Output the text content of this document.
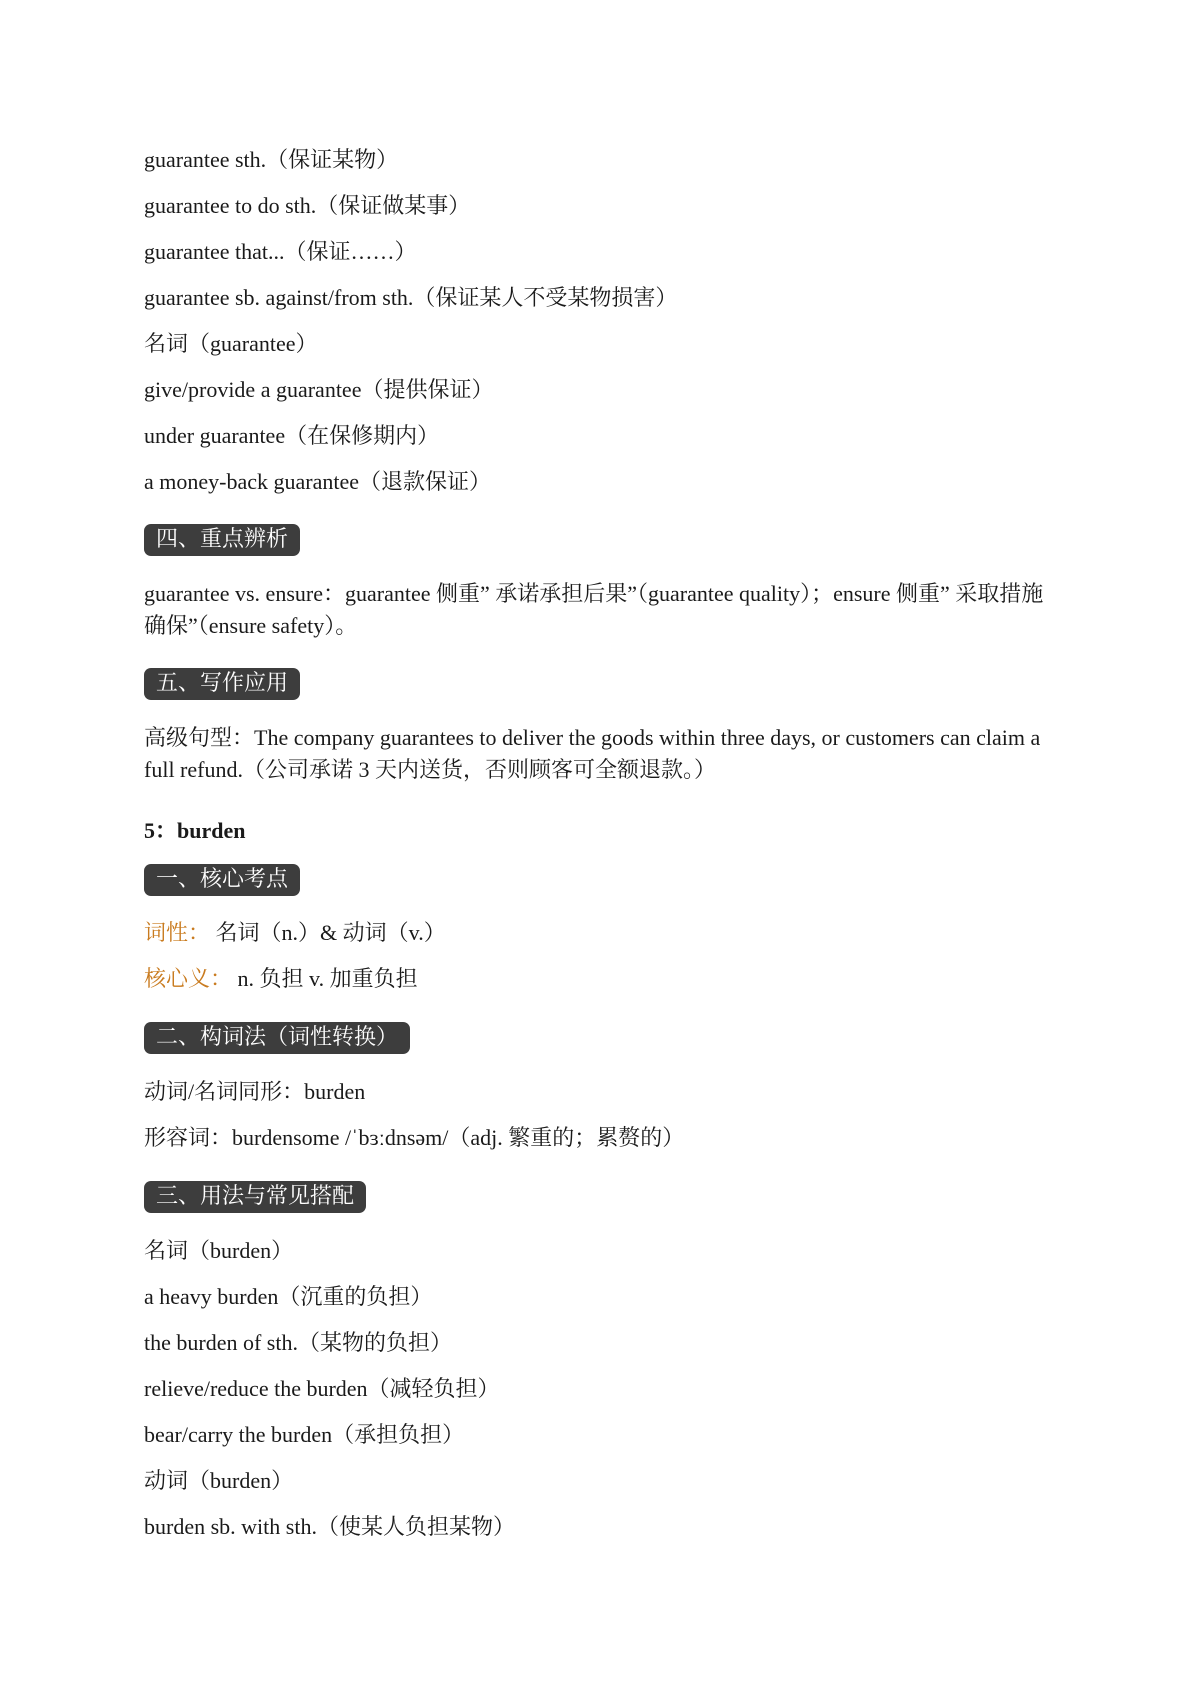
guarantee sth.（保证某物）
guarantee to do sth.（保证做某事）
guarantee that...（保证……）
guarantee sb. against/from sth.（保证某人不受某物损害）
名词（guarantee）
give/provide a guarantee（提供保证）
under guarantee（在保修期内）
a money-back guarantee（退款保证）
四、重点辨析
guarantee vs. ensure：guarantee 侧重” 承诺承担后果”（guarantee quality）；ensure 侧重” 采取措施确保”（ensure safety）。
五、写作应用
高级句型：The company guarantees to deliver the goods within three days, or customers can claim a full refund.（公司承诺 3 天内送货，否则顾客可全额退款。）
5：burden
一、核心考点
词性： 名词（n.）& 动词（v.）
核心义： n. 负担 v. 加重负担
二、构词法（词性转换）
动词/名词同形：burden
形容词：burdensome /ˈbɜːdnsəm/（adj. 繁重的；累赘的）
三、用法与常见搭配
名词（burden）
a heavy burden（沉重的负担）
the burden of sth.（某物的负担）
relieve/reduce the burden（减轻负担）
bear/carry the burden（承担负担）
动词（burden）
burden sb. with sth.（使某人负担某物）
